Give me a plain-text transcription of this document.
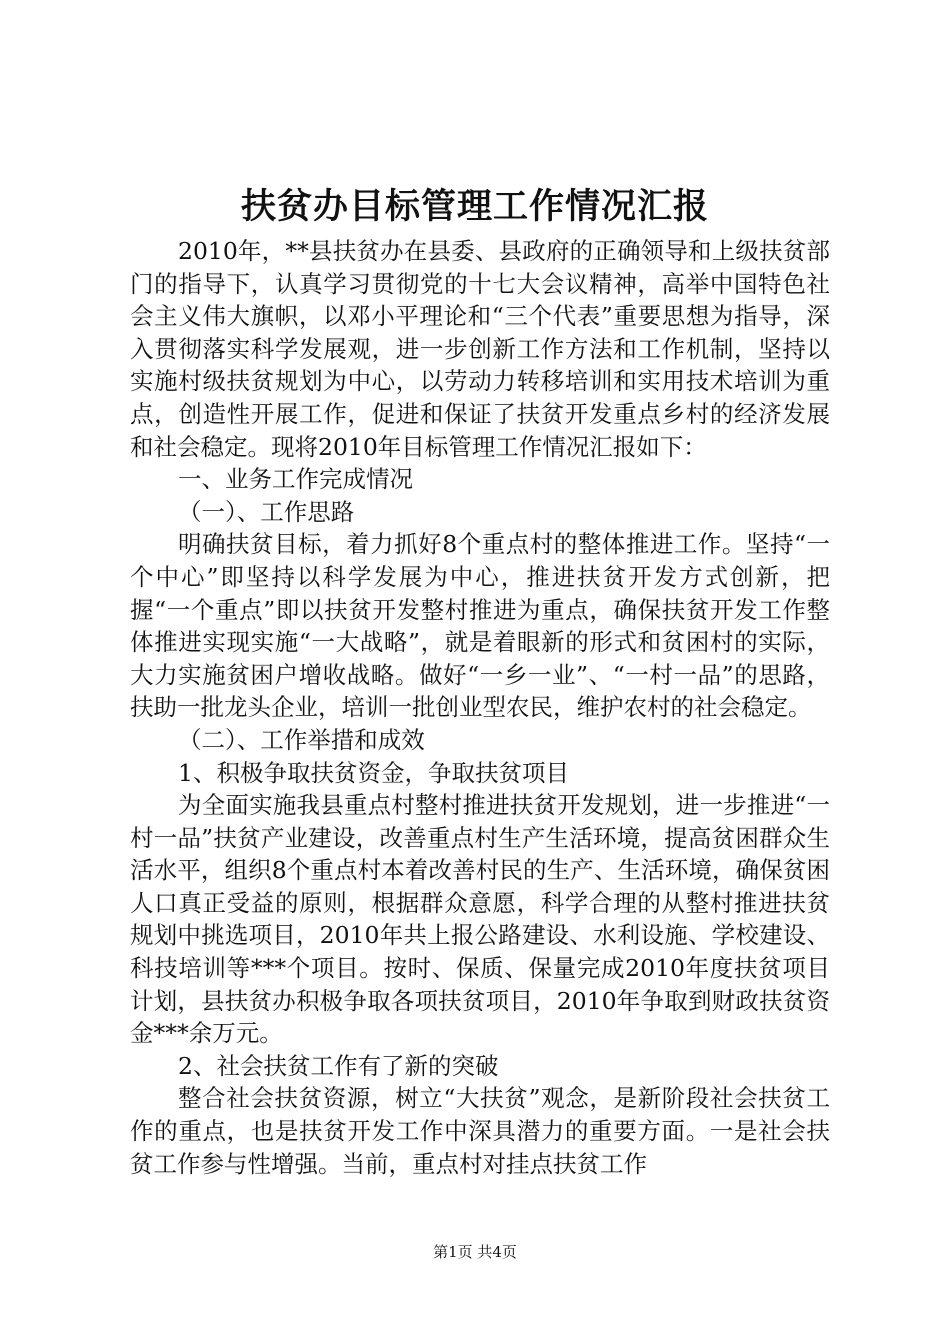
扶贫办目标管理工作情况汇报

2010年，**县扶贫办在县委、县政府的正确领导和上级扶贫部门的指导下，认真学习贯彻党的十七大会议精神，高举中国特色社会主义伟大旗帜，以邓小平理论和“三个代表”重要思想为指导，深入贯彻落实科学发展观，进一步创新工作方法和工作机制，坚持以实施村级扶贫规划为中心，以劳动力转移培训和实用技术培训为重点，创造性开展工作，促进和保证了扶贫开发重点乡村的经济发展和社会稳定。现将2010年目标管理工作情况汇报如下：

一、业务工作完成情况

（一）、工作思路

明确扶贫目标，着力抓好8个重点村的整体推进工作。坚持“一个中心”即坚持以科学发展为中心，推进扶贫开发方式创新，把握“一个重点”即以扶贫开发整村推进为重点，确保扶贫开发工作整体推进实现实施“一大战略”，就是着眼新的形式和贫困村的实际，大力实施贫困户增收战略。做好“一乡一业”、“一村一品”的思路，扶助一批龙头企业，培训一批创业型农民，维护农村的社会稳定。

（二）、工作举措和成效

1、积极争取扶贫资金，争取扶贫项目

为全面实施我县重点村整村推进扶贫开发规划，进一步推进“一村一品”扶贫产业建设，改善重点村生产生活环境，提高贫困群众生活水平，组织8个重点村本着改善村民的生产、生活环境，确保贫困人口真正受益的原则，根据群众意愿，科学合理的从整村推进扶贫规划中挑选项目，2010年共上报公路建设、水利设施、学校建设、科技培训等***个项目。按时、保质、保量完成2010年度扶贫项目计划，县扶贫办积极争取各项扶贫项目，2010年争取到财政扶贫资金***余万元。

2、社会扶贫工作有了新的突破

整合社会扶贫资源，树立“大扶贫”观念，是新阶段社会扶贫工作的重点，也是扶贫开发工作中深具潜力的重要方面。一是社会扶贫工作参与性增强。当前，重点村对挂点扶贫工作

第1页 共4页
